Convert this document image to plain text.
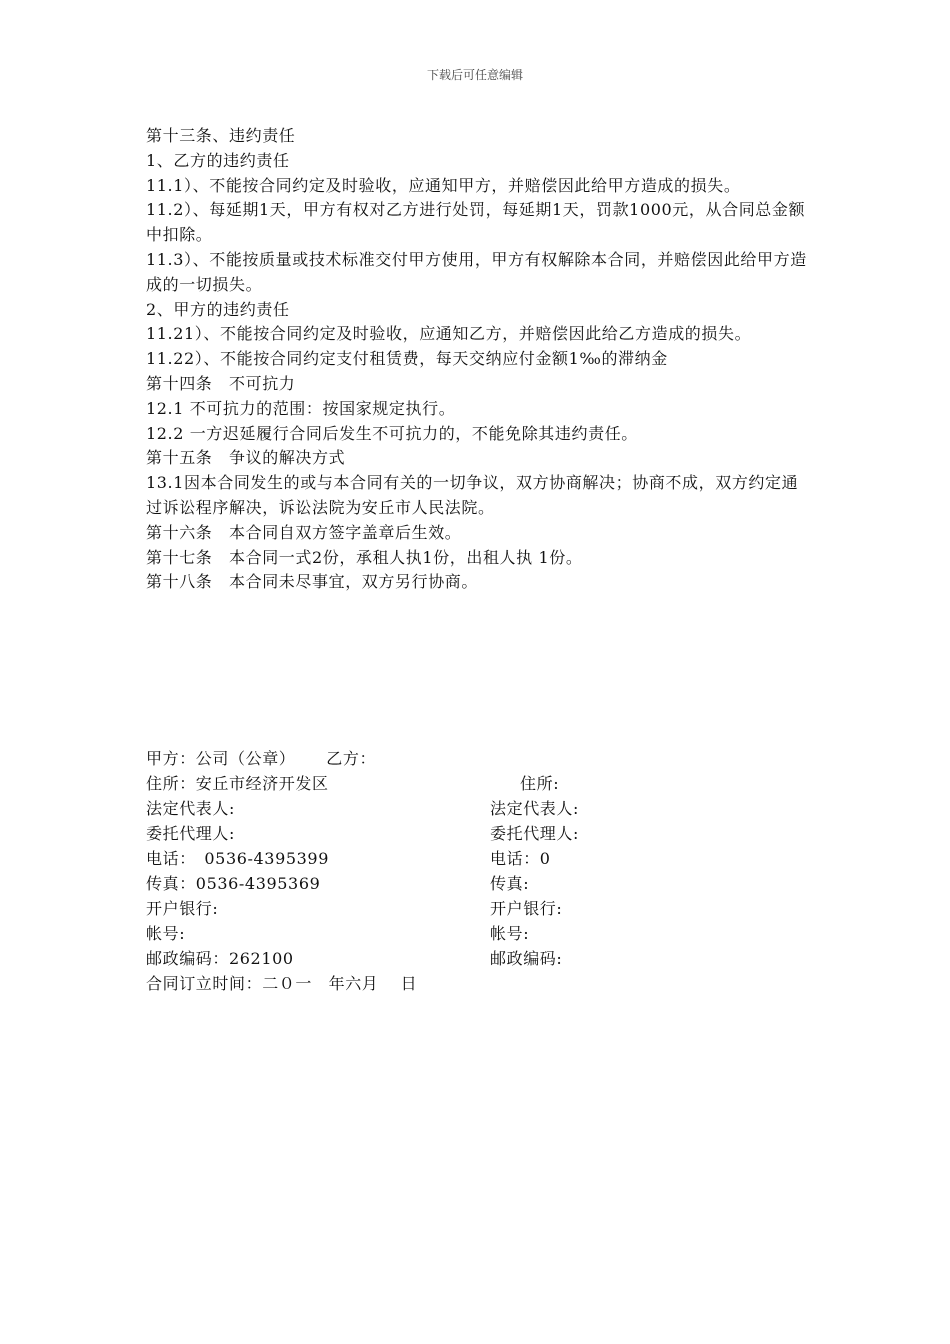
下载后可任意编辑
第十三条、违约责任
1、乙方的违约责任
11.1）、不能按合同约定及时验收，应通知甲方，并赔偿因此给甲方造成的损失。
11.2）、每延期1天，甲方有权对乙方进行处罚，每延期1天，罚款1000元，从合同总金额中扣除。
11.3）、不能按质量或技术标准交付甲方使用，甲方有权解除本合同，并赔偿因此给甲方造成的一切损失。
2、甲方的违约责任
11.21）、不能按合同约定及时验收，应通知乙方，并赔偿因此给乙方造成的损失。
11.22）、不能按合同约定支付租赁费，每天交纳应付金额1‰的滞纳金
第十四条　不可抗力
12.1 不可抗力的范围：按国家规定执行。
12.2 一方迟延履行合同后发生不可抗力的，不能免除其违约责任。
第十五条　争议的解决方式
13.1因本合同发生的或与本合同有关的一切争议，双方协商解决；协商不成，双方约定通过诉讼程序解决，诉讼法院为安丘市人民法院。
第十六条　本合同自双方签字盖章后生效。
第十七条　本合同一式2份，承租人执1份，出租人执 1份。
第十八条　本合同未尽事宜，双方另行协商。
甲方：公司（公章）　　 乙方：
住所：安丘市经济开发区
法定代表人:
委托代理人:
电话：　0536-4395399
传真：0536-4395369
开户银行:
帐号:
邮政编码：262100
合同订立时间：二０一　年六月　 日
住所:
法定代表人:
委托代理人:
电话：0
传真:
开户银行:
帐号:
邮政编码:
